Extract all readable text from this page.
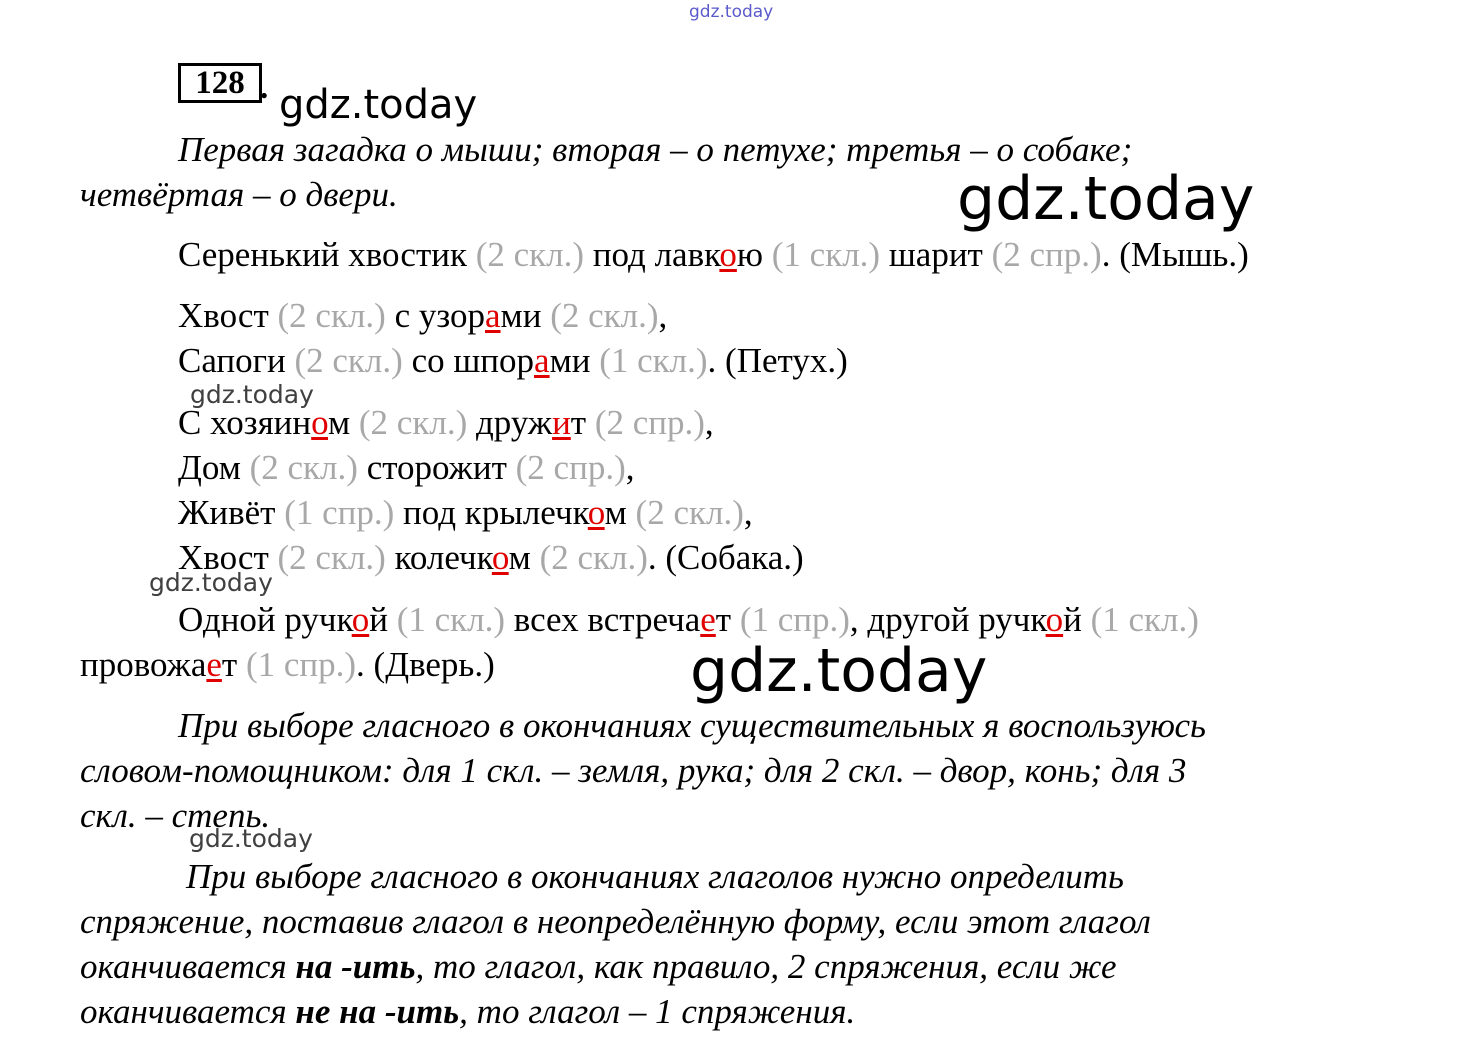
gdz.today
gdz.today
gdz.today
gdz.today
gdz.today
gdz.today
gdz.today
128 .
Первая загадка о мыши; вторая – о петухе; третья – о собаке;
четвёртая – о двери.
Серенький хвостик (2 скл.) под лавкою (1 скл.) шарит (2 спр.). (Мышь.)
Хвост (2 скл.) с узорами (2 скл.),
Сапоги (2 скл.) со шпорами (1 скл.). (Петух.)
С хозяином (2 скл.) дружит (2 спр.),
Дом (2 скл.) сторожит (2 спр.),
Живёт (1 спр.) под крылечком (2 скл.),
Хвост (2 скл.) колечком (2 скл.). (Собака.)
Одной ручкой (1 скл.) всех встречает (1 спр.), другой ручкой (1 скл.)
провожает (1 спр.). (Дверь.)
При выборе гласного в окончаниях существительных я воспользуюсь
словом-помощником: для 1 скл. – земля, рука; для 2 скл. – двор, конь; для 3
скл. – степь.
При выборе гласного в окончаниях глаголов нужно определить
спряжение, поставив глагол в неопределённую форму, если этот глагол
оканчивается на -ить, то глагол, как правило, 2 спряжения, если же
оканчивается не на -ить, то глагол – 1 спряжения.
